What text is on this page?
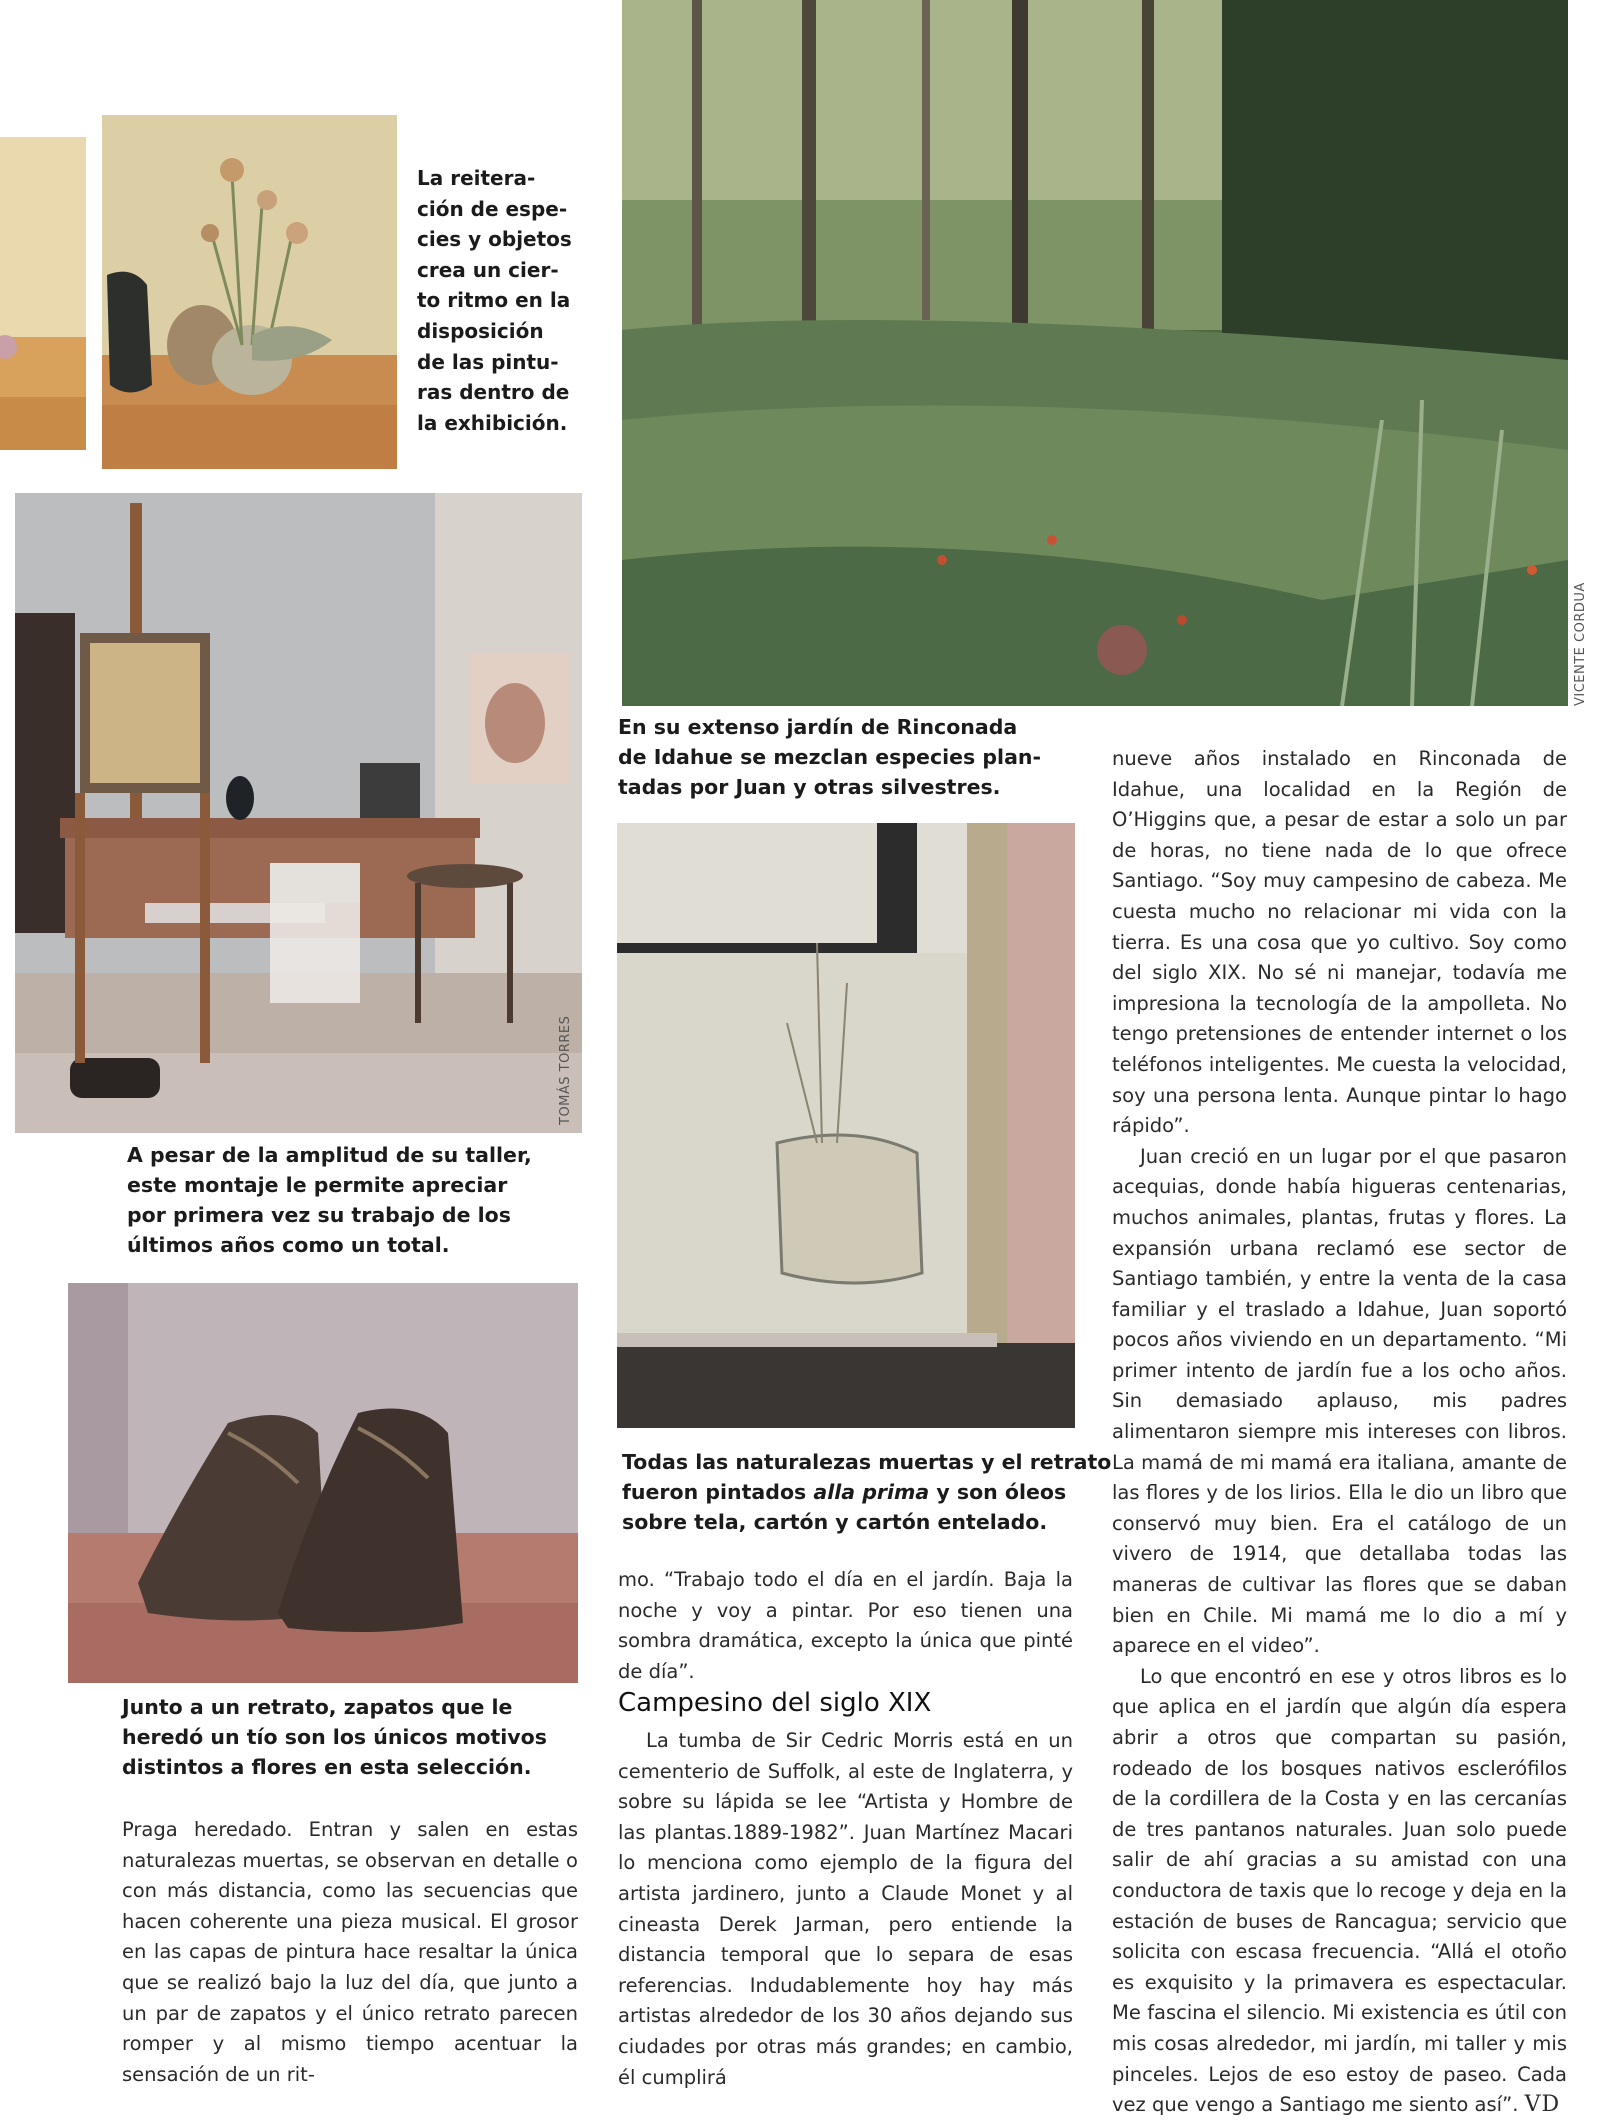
La reitera-
ción de espe-
cies y objetos
crea un cier-
to ritmo en la
disposición
de las pintu-
ras dentro de
la exhibición.
TOMÁS TORRES
A pesar de la amplitud de su taller,
este montaje le permite apreciar
por primera vez su trabajo de los
últimos años como un total.
Junto a un retrato, zapatos que le
heredó un tío son los únicos motivos
distintos a flores en esta selección.

Praga heredado. Entran y salen en estas naturalezas muertas, se observan en detalle o con más distancia, como las secuencias que hacen coherente una pieza musical. El grosor en las capas de pintura hace resaltar la única que se realizó bajo la luz del día, que junto a un par de zapatos y el único retrato parecen romper y al mismo tiempo acentuar la sensación de un rit-

VICENTE CORDUA
En su extenso jardín de Rinconada
de Idahue se mezclan especies plan-
tadas por Juan y otras silvestres.
Todas las naturalezas muertas y el retrato
fueron pintados alla prima y son óleos
sobre tela, cartón y cartón entelado.

mo. “Trabajo todo el día en el jardín. Baja la noche y voy a pintar. Por eso tienen una sombra dramática, excepto la única que pinté de día”.

Campesino del siglo XIX

La tumba de Sir Cedric Morris está en un cementerio de Suffolk, al este de Inglaterra, y sobre su lápida se lee “Artista y Hombre de las plantas.1889-1982”. Juan Martínez Macari lo menciona como ejemplo de la figura del artista jardinero, junto a Claude Monet y al cineasta Derek Jarman, pero entiende la distancia temporal que lo separa de esas referencias. Indudablemente hoy hay más artistas alrededor de los 30 años dejando sus ciudades por otras más grandes; en cambio, él cumplirá

nueve años instalado en Rinconada de Idahue, una localidad en la Región de O’Higgins que, a pesar de estar a solo un par de horas, no tiene nada de lo que ofrece Santiago. “Soy muy campesino de cabeza. Me cuesta mucho no relacionar mi vida con la tierra. Es una cosa que yo cultivo. Soy como del siglo XIX. No sé ni manejar, todavía me impresiona la tecnología de la ampolleta. No tengo pretensiones de entender internet o los teléfonos inteligentes. Me cuesta la velocidad, soy una persona lenta. Aunque pintar lo hago rápido”.

Juan creció en un lugar por el que pasaron acequias, donde había higueras centenarias, muchos animales, plantas, frutas y flores. La expansión urbana reclamó ese sector de Santiago también, y entre la venta de la casa familiar y el traslado a Idahue, Juan soportó pocos años viviendo en un departamento. “Mi primer intento de jardín fue a los ocho años. Sin demasiado aplauso, mis padres alimentaron siempre mis intereses con libros. La mamá de mi mamá era italiana, amante de las flores y de los lirios. Ella le dio un libro que conservó muy bien. Era el catálogo de un vivero de 1914, que detallaba todas las maneras de cultivar las flores que se daban bien en Chile. Mi mamá me lo dio a mí y aparece en el video”.

Lo que encontró en ese y otros libros es lo que aplica en el jardín que algún día espera abrir a otros que compartan su pasión, rodeado de los bosques nativos esclerófilos de la cordillera de la Costa y en las cercanías de tres pantanos naturales. Juan solo puede salir de ahí gracias a su amistad con una conductora de taxis que lo recoge y deja en la estación de buses de Rancagua; servicio que solicita con escasa frecuencia. “Allá el otoño es exquisito y la primavera es espectacular. Me fascina el silencio. Mi existencia es útil con mis cosas alrededor, mi jardín, mi taller y mis pinceles. Lejos de eso estoy de paseo. Cada vez que vengo a Santiago me siento así”. VD
